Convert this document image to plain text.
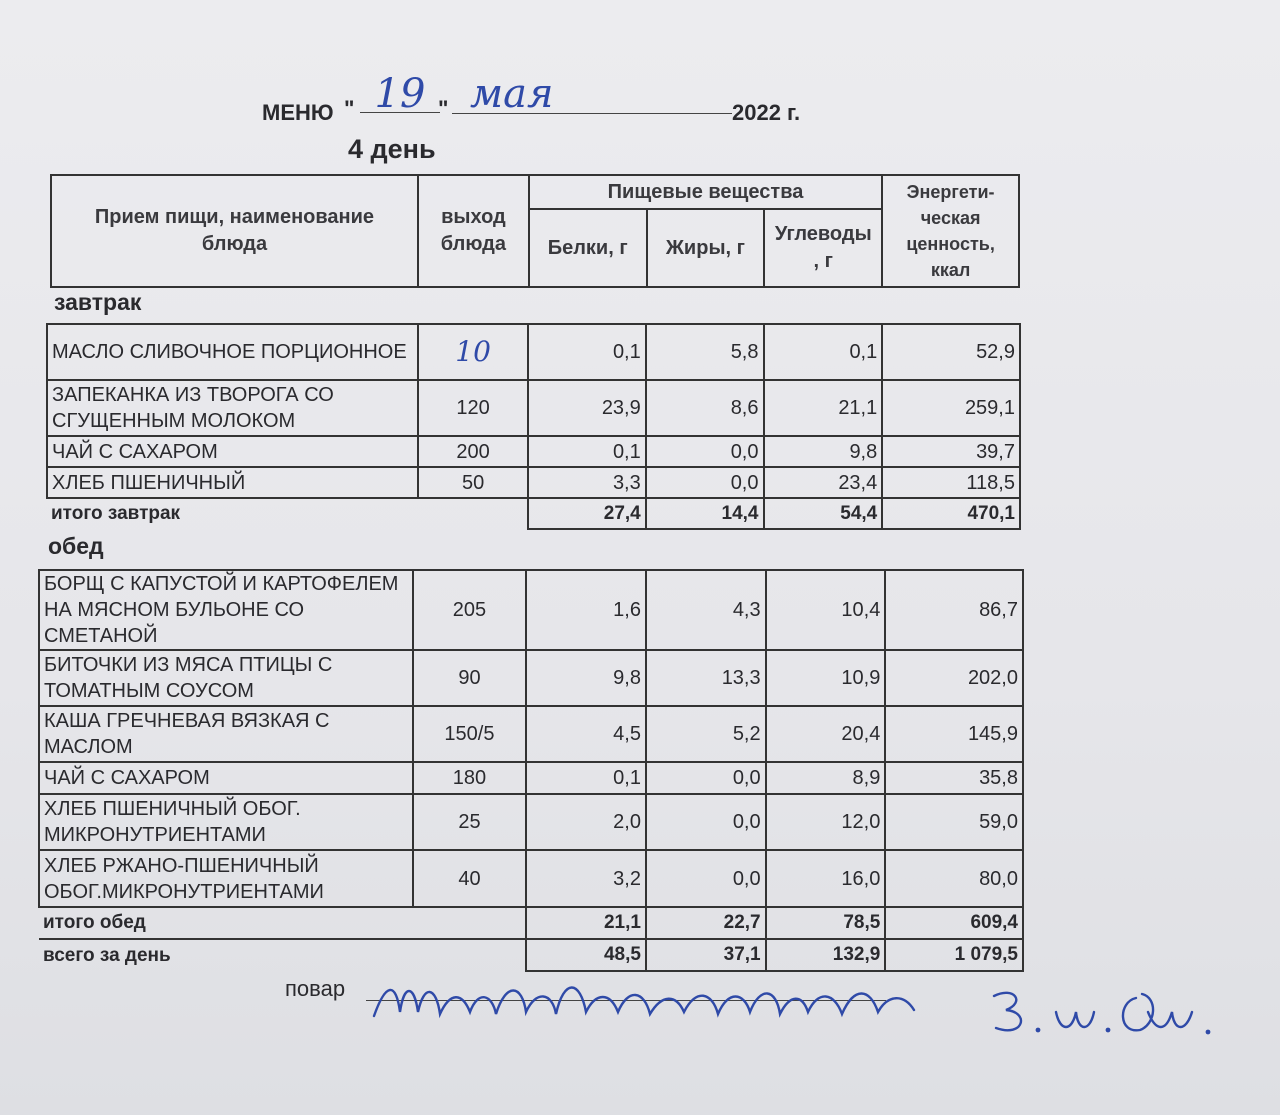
МЕНЮ " 19 " мая	2022 г.
4 день
Прием пищи, наименование блюда	выход блюда	Пищевые вещества			Энергети-ческая ценность, ккал
		Белки, г	Жиры, г	Углеводы , г	
завтрак
МАСЛО СЛИВОЧНОЕ ПОРЦИОННОЕ	10	0,1	5,8	0,1	52,9
ЗАПЕКАНКА ИЗ ТВОРОГА СО СГУЩЕННЫМ МОЛОКОМ	120	23,9	8,6	21,1	259,1
ЧАЙ С САХАРОМ	200	0,1	0,0	9,8	39,7
ХЛЕБ ПШЕНИЧНЫЙ	50	3,3	0,0	23,4	118,5
итого завтрак		27,4	14,4	54,4	470,1
обед
БОРЩ С КАПУСТОЙ И КАРТОФЕЛЕМ НА МЯСНОМ БУЛЬОНЕ СО СМЕТАНОЙ	205	1,6	4,3	10,4	86,7
БИТОЧКИ ИЗ МЯСА ПТИЦЫ С ТОМАТНЫМ СОУСОМ	90	9,8	13,3	10,9	202,0
КАША ГРЕЧНЕВАЯ ВЯЗКАЯ С МАСЛОМ	150/5	4,5	5,2	20,4	145,9
ЧАЙ С САХАРОМ	180	0,1	0,0	8,9	35,8
ХЛЕБ ПШЕНИЧНЫЙ ОБОГ. МИКРОНУТРИЕНТАМИ	25	2,0	0,0	12,0	59,0
ХЛЕБ РЖАНО-ПШЕНИЧНЫЙ ОБОГ.МИКРОНУТРИЕНТАМИ	40	3,2	0,0	16,0	80,0
итого обед		21,1	22,7	78,5	609,4
всего за день		48,5	37,1	132,9	1 079,5
повар
